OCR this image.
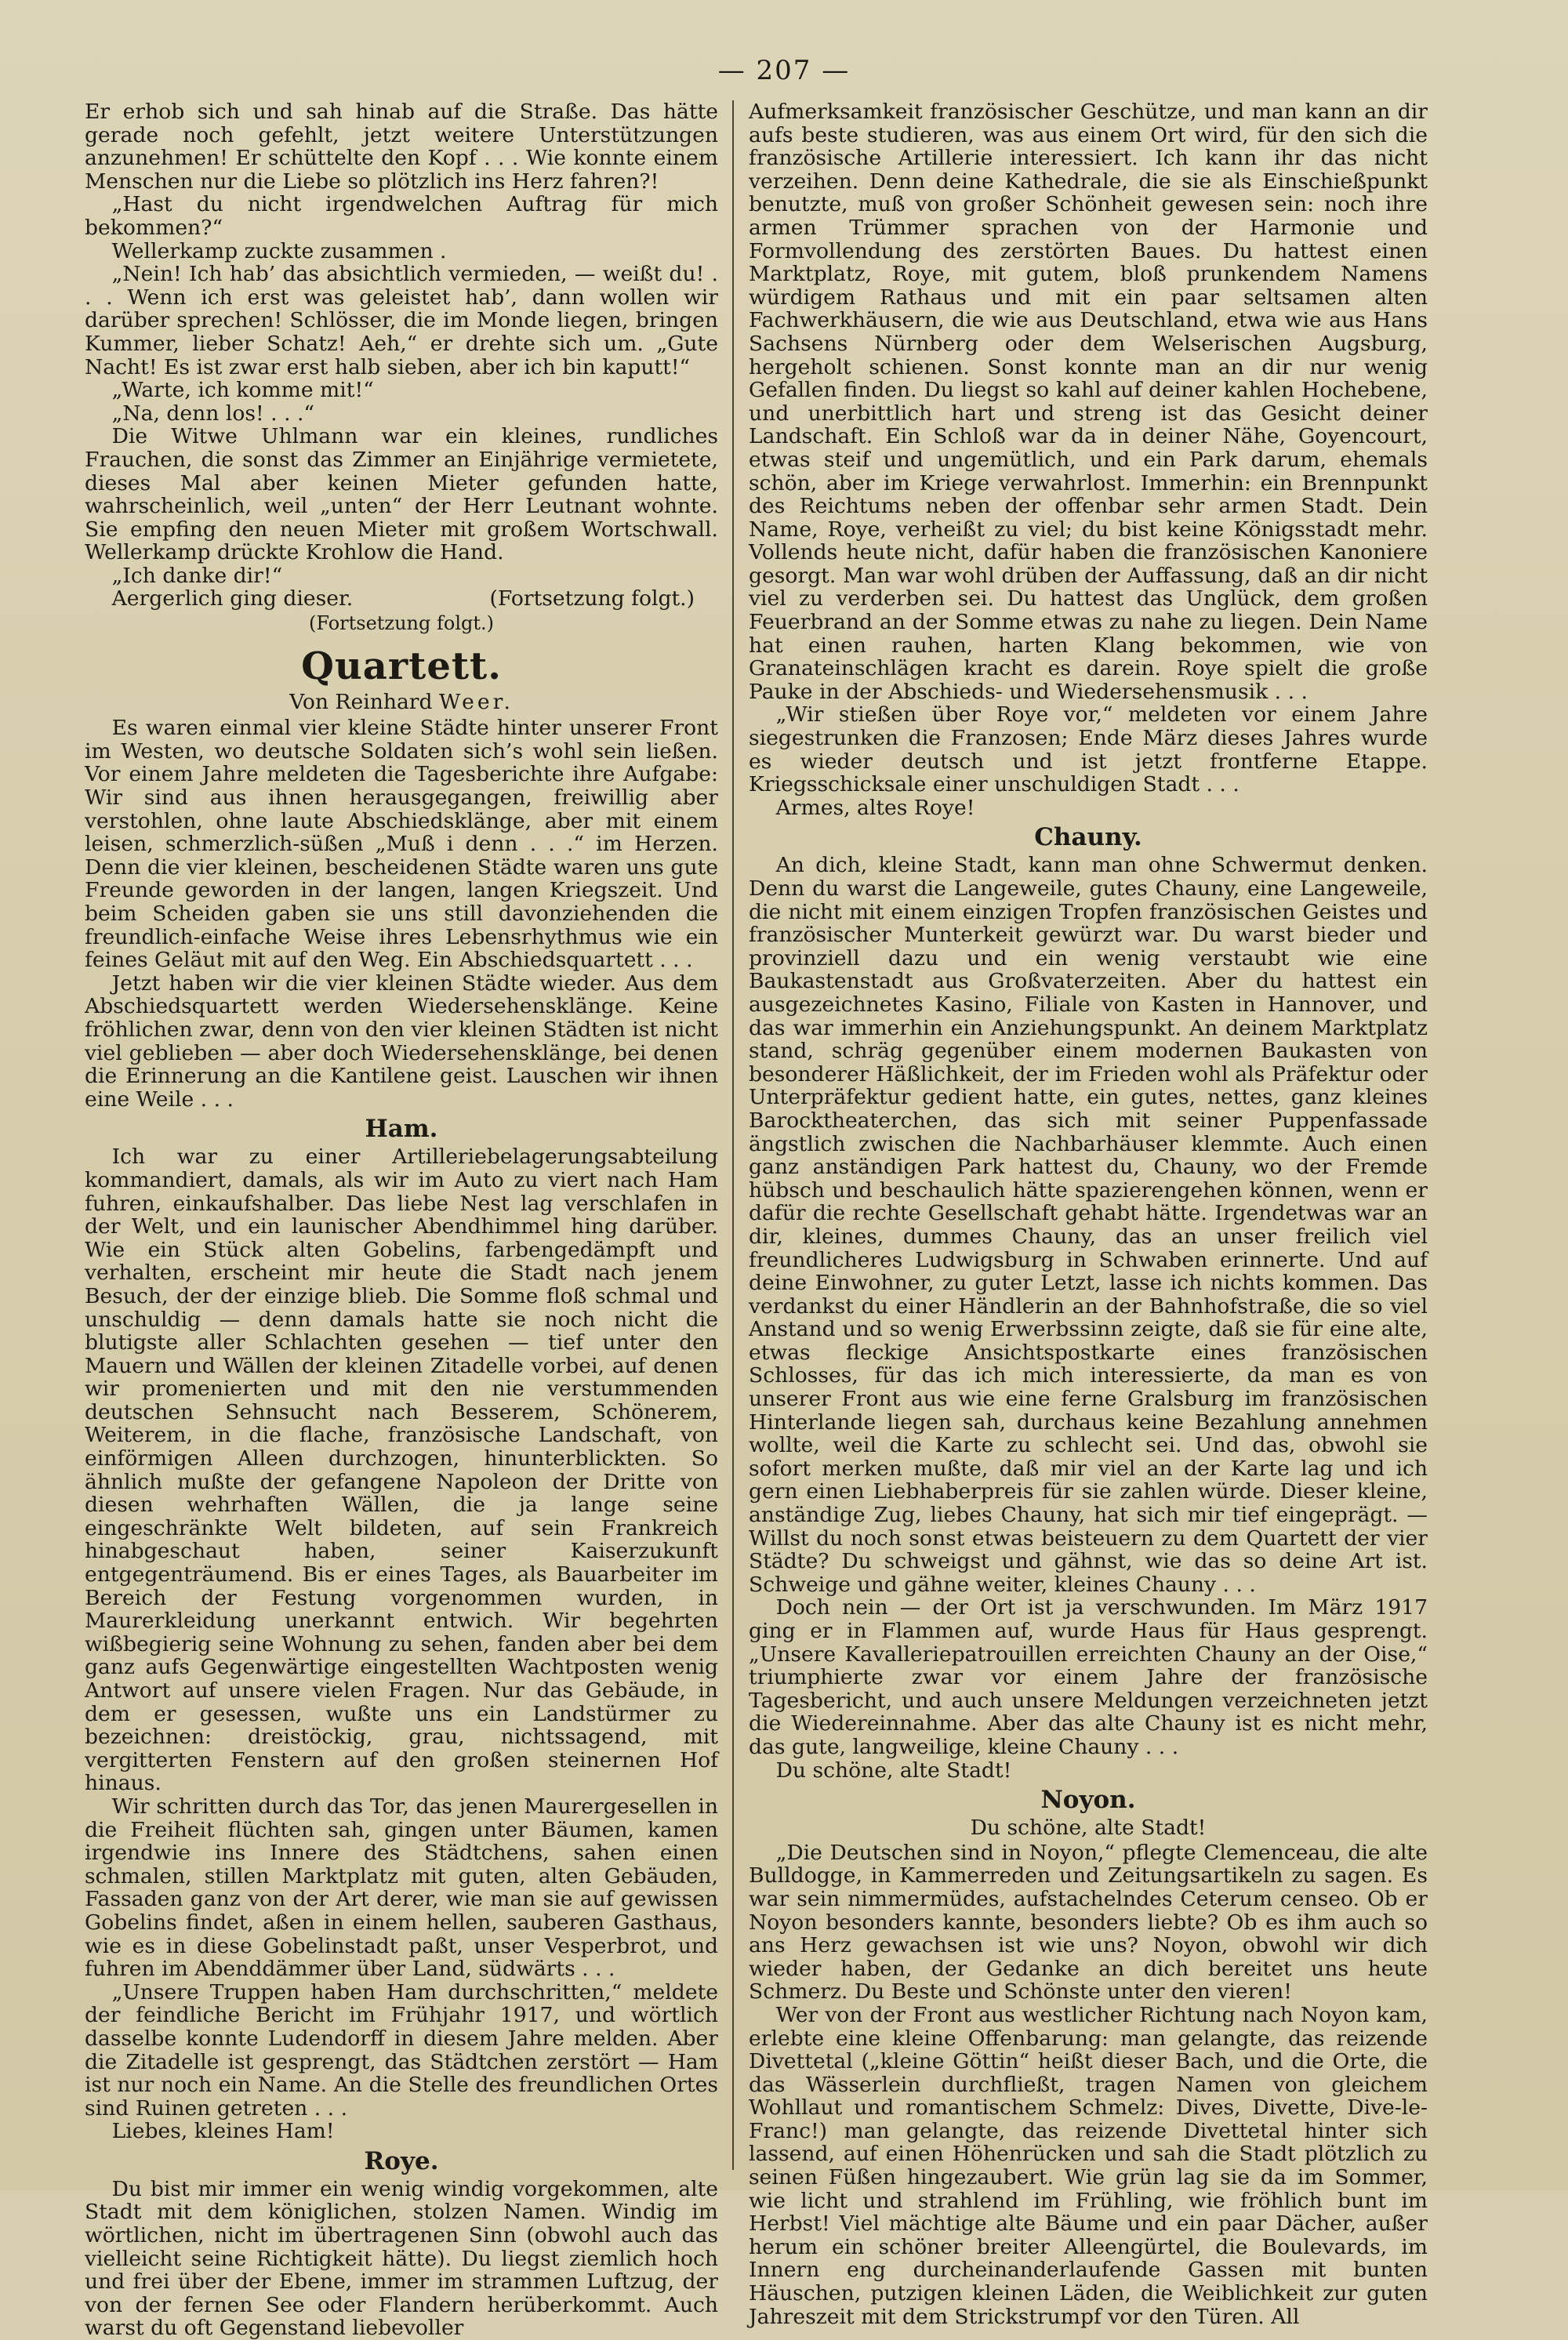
— 207 —

Er erhob sich und sah hinab auf die Straße. Das hätte gerade noch gefehlt, jetzt weitere Unterstützungen anzunehmen! Er schüttelte den Kopf . . . Wie konnte einem Menschen nur die Liebe so plötzlich ins Herz fahren?!

„Hast du nicht irgendwelchen Auftrag für mich bekommen?“

Wellerkamp zuckte zusammen .

„Nein! Ich hab’ das absichtlich vermieden, — weißt du! . . . Wenn ich erst was geleistet hab’, dann wollen wir darüber sprechen! Schlösser, die im Monde liegen, bringen Kummer, lieber Schatz! Aeh,“ er drehte sich um. „Gute Nacht! Es ist zwar erst halb sieben, aber ich bin kaputt!“

„Warte, ich komme mit!“

„Na, denn los! . . .“

Die Witwe Uhlmann war ein kleines, rundliches Frauchen, die sonst das Zimmer an Einjährige vermietete, dieses Mal aber keinen Mieter gefunden hatte, wahrscheinlich, weil „unten“ der Herr Leutnant wohnte. Sie empfing den neuen Mieter mit großem Wortschwall. Wellerkamp drückte Krohlow die Hand.

„Ich danke dir!“

Aergerlich ging dieser.	(Fortsetzung folgt.)
(Fortsetzung folgt.)
Quartett.
Von Reinhard Weer.

Es waren einmal vier kleine Städte hinter unserer Front im Westen, wo deutsche Soldaten sich’s wohl sein ließen. Vor einem Jahre meldeten die Tagesberichte ihre Aufgabe: Wir sind aus ihnen herausgegangen, freiwillig aber verstohlen, ohne laute Abschiedsklänge, aber mit einem leisen, schmerzlich-süßen „Muß i denn . . .“ im Herzen. Denn die vier kleinen, bescheidenen Städte waren uns gute Freunde geworden in der langen, langen Kriegszeit. Und beim Scheiden gaben sie uns still davonziehenden die freundlich-einfache Weise ihres Lebensrhythmus wie ein feines Geläut mit auf den Weg. Ein Abschiedsquartett . . .

Jetzt haben wir die vier kleinen Städte wieder. Aus dem Abschiedsquartett werden Wiedersehensklänge. Keine fröhlichen zwar, denn von den vier kleinen Städten ist nicht viel geblieben — aber doch Wiedersehensklänge, bei denen die Erinnerung an die Kantilene geist. Lauschen wir ihnen eine Weile . . .

Ham.

Ich war zu einer Artilleriebelagerungsabteilung kommandiert, damals, als wir im Auto zu viert nach Ham fuhren, einkaufshalber. Das liebe Nest lag verschlafen in der Welt, und ein launischer Abendhimmel hing darüber. Wie ein Stück alten Gobelins, farbengedämpft und verhalten, erscheint mir heute die Stadt nach jenem Besuch, der der einzige blieb. Die Somme floß schmal und unschuldig — denn damals hatte sie noch nicht die blutigste aller Schlachten gesehen — tief unter den Mauern und Wällen der kleinen Zitadelle vorbei, auf denen wir promenierten und mit den nie verstummenden deutschen Sehnsucht nach Besserem, Schönerem, Weiterem, in die flache, französische Landschaft, von einförmigen Alleen durchzogen, hinunterblickten. So ähnlich mußte der gefangene Napoleon der Dritte von diesen wehrhaften Wällen, die ja lange seine eingeschränkte Welt bildeten, auf sein Frankreich hinabgeschaut haben, seiner Kaiserzukunft entgegenträumend. Bis er eines Tages, als Bauarbeiter im Bereich der Festung vorgenommen wurden, in Maurerkleidung unerkannt entwich. Wir begehrten wißbegierig seine Wohnung zu sehen, fanden aber bei dem ganz aufs Gegenwärtige eingestellten Wachtposten wenig Antwort auf unsere vielen Fragen. Nur das Gebäude, in dem er gesessen, wußte uns ein Landstürmer zu bezeichnen: dreistöckig, grau, nichtssagend, mit vergitterten Fenstern auf den großen steinernen Hof hinaus.

Wir schritten durch das Tor, das jenen Maurergesellen in die Freiheit flüchten sah, gingen unter Bäumen, kamen irgendwie ins Innere des Städtchens, sahen einen schmalen, stillen Marktplatz mit guten, alten Gebäuden, Fassaden ganz von der Art derer, wie man sie auf gewissen Gobelins findet, aßen in einem hellen, sauberen Gasthaus, wie es in diese Gobelinstadt paßt, unser Vesperbrot, und fuhren im Abenddämmer über Land, südwärts . . .

„Unsere Truppen haben Ham durchschritten,“ meldete der feindliche Bericht im Frühjahr 1917, und wörtlich dasselbe konnte Ludendorff in diesem Jahre melden. Aber die Zitadelle ist gesprengt, das Städtchen zerstört — Ham ist nur noch ein Name. An die Stelle des freundlichen Ortes sind Ruinen getreten . . .

Liebes, kleines Ham!

Roye.

Du bist mir immer ein wenig windig vorgekommen, alte Stadt mit dem königlichen, stolzen Namen. Windig im wörtlichen, nicht im übertragenen Sinn (obwohl auch das vielleicht seine Richtigkeit hätte). Du liegst ziemlich hoch und frei über der Ebene, immer im strammen Luftzug, der von der fernen See oder Flandern herüberkommt. Auch warst du oft Gegenstand liebevoller

Aufmerksamkeit französischer Geschütze, und man kann an dir aufs beste studieren, was aus einem Ort wird, für den sich die französische Artillerie interessiert. Ich kann ihr das nicht verzeihen. Denn deine Kathedrale, die sie als Einschießpunkt benutzte, muß von großer Schönheit gewesen sein: noch ihre armen Trümmer sprachen von der Harmonie und Formvollendung des zerstörten Baues. Du hattest einen Marktplatz, Roye, mit gutem, bloß prunkendem Namens würdigem Rathaus und mit ein paar seltsamen alten Fachwerkhäusern, die wie aus Deutschland, etwa wie aus Hans Sachsens Nürnberg oder dem Welserischen Augsburg, hergeholt schienen. Sonst konnte man an dir nur wenig Gefallen finden. Du liegst so kahl auf deiner kahlen Hochebene, und unerbittlich hart und streng ist das Gesicht deiner Landschaft. Ein Schloß war da in deiner Nähe, Goyencourt, etwas steif und ungemütlich, und ein Park darum, ehemals schön, aber im Kriege verwahrlost. Immerhin: ein Brennpunkt des Reichtums neben der offenbar sehr armen Stadt. Dein Name, Roye, verheißt zu viel; du bist keine Königsstadt mehr. Vollends heute nicht, dafür haben die französischen Kanoniere gesorgt. Man war wohl drüben der Auffassung, daß an dir nicht viel zu verderben sei. Du hattest das Unglück, dem großen Feuerbrand an der Somme etwas zu nahe zu liegen. Dein Name hat einen rauhen, harten Klang bekommen, wie von Granateinschlägen kracht es darein. Roye spielt die große Pauke in der Abschieds- und Wiedersehensmusik . . .

„Wir stießen über Roye vor,“ meldeten vor einem Jahre siegestrunken die Franzosen; Ende März dieses Jahres wurde es wieder deutsch und ist jetzt frontferne Etappe. Kriegsschicksale einer unschuldigen Stadt . . .

Armes, altes Roye!

Chauny.

An dich, kleine Stadt, kann man ohne Schwermut denken. Denn du warst die Langeweile, gutes Chauny, eine Langeweile, die nicht mit einem einzigen Tropfen französischen Geistes und französischer Munterkeit gewürzt war. Du warst bieder und provinziell dazu und ein wenig verstaubt wie eine Baukastenstadt aus Großvaterzeiten. Aber du hattest ein ausgezeichnetes Kasino, Filiale von Kasten in Hannover, und das war immerhin ein Anziehungspunkt. An deinem Marktplatz stand, schräg gegenüber einem modernen Baukasten von besonderer Häßlichkeit, der im Frieden wohl als Präfektur oder Unterpräfektur gedient hatte, ein gutes, nettes, ganz kleines Barocktheaterchen, das sich mit seiner Puppenfassade ängstlich zwischen die Nachbarhäuser klemmte. Auch einen ganz anständigen Park hattest du, Chauny, wo der Fremde hübsch und beschaulich hätte spazierengehen können, wenn er dafür die rechte Gesellschaft gehabt hätte. Irgendetwas war an dir, kleines, dummes Chauny, das an unser freilich viel freundlicheres Ludwigsburg in Schwaben erinnerte. Und auf deine Einwohner, zu guter Letzt, lasse ich nichts kommen. Das verdankst du einer Händlerin an der Bahnhofstraße, die so viel Anstand und so wenig Erwerbssinn zeigte, daß sie für eine alte, etwas fleckige Ansichtspostkarte eines französischen Schlosses, für das ich mich interessierte, da man es von unserer Front aus wie eine ferne Gralsburg im französischen Hinterlande liegen sah, durchaus keine Bezahlung annehmen wollte, weil die Karte zu schlecht sei. Und das, obwohl sie sofort merken mußte, daß mir viel an der Karte lag und ich gern einen Liebhaberpreis für sie zahlen würde. Dieser kleine, anständige Zug, liebes Chauny, hat sich mir tief eingeprägt. — Willst du noch sonst etwas beisteuern zu dem Quartett der vier Städte? Du schweigst und gähnst, wie das so deine Art ist. Schweige und gähne weiter, kleines Chauny . . .

Doch nein — der Ort ist ja verschwunden. Im März 1917 ging er in Flammen auf, wurde Haus für Haus gesprengt. „Unsere Kavalleriepatrouillen erreichten Chauny an der Oise,“ triumphierte zwar vor einem Jahre der französische Tagesbericht, und auch unsere Meldungen verzeichneten jetzt die Wiedereinnahme. Aber das alte Chauny ist es nicht mehr, das gute, langweilige, kleine Chauny . . .

Du schöne, alte Stadt!

Noyon.
Du schöne, alte Stadt!

„Die Deutschen sind in Noyon,“ pflegte Clemenceau, die alte Bulldogge, in Kammerreden und Zeitungsartikeln zu sagen. Es war sein nimmermüdes, aufstachelndes Ceterum censeo. Ob er Noyon besonders kannte, besonders liebte? Ob es ihm auch so ans Herz gewachsen ist wie uns? Noyon, obwohl wir dich wieder haben, der Gedanke an dich bereitet uns heute Schmerz. Du Beste und Schönste unter den vieren!

Wer von der Front aus westlicher Richtung nach Noyon kam, erlebte eine kleine Offenbarung: man gelangte, das reizende Divettetal („kleine Göttin“ heißt dieser Bach, und die Orte, die das Wässerlein durchfließt, tragen Namen von gleichem Wohllaut und romantischem Schmelz: Dives, Divette, Dive-le-Franc!) man gelangte, das reizende Divettetal hinter sich lassend, auf einen Höhenrücken und sah die Stadt plötzlich zu seinen Füßen hingezaubert. Wie grün lag sie da im Sommer, wie licht und strahlend im Frühling, wie fröhlich bunt im Herbst! Viel mächtige alte Bäume und ein paar Dächer, außer herum ein schöner breiter Alleengürtel, die Boulevards, im Innern eng durcheinanderlaufende Gassen mit bunten Häuschen, putzigen kleinen Läden, die Weiblichkeit zur guten Jahreszeit mit dem Strickstrumpf vor den Türen. All
